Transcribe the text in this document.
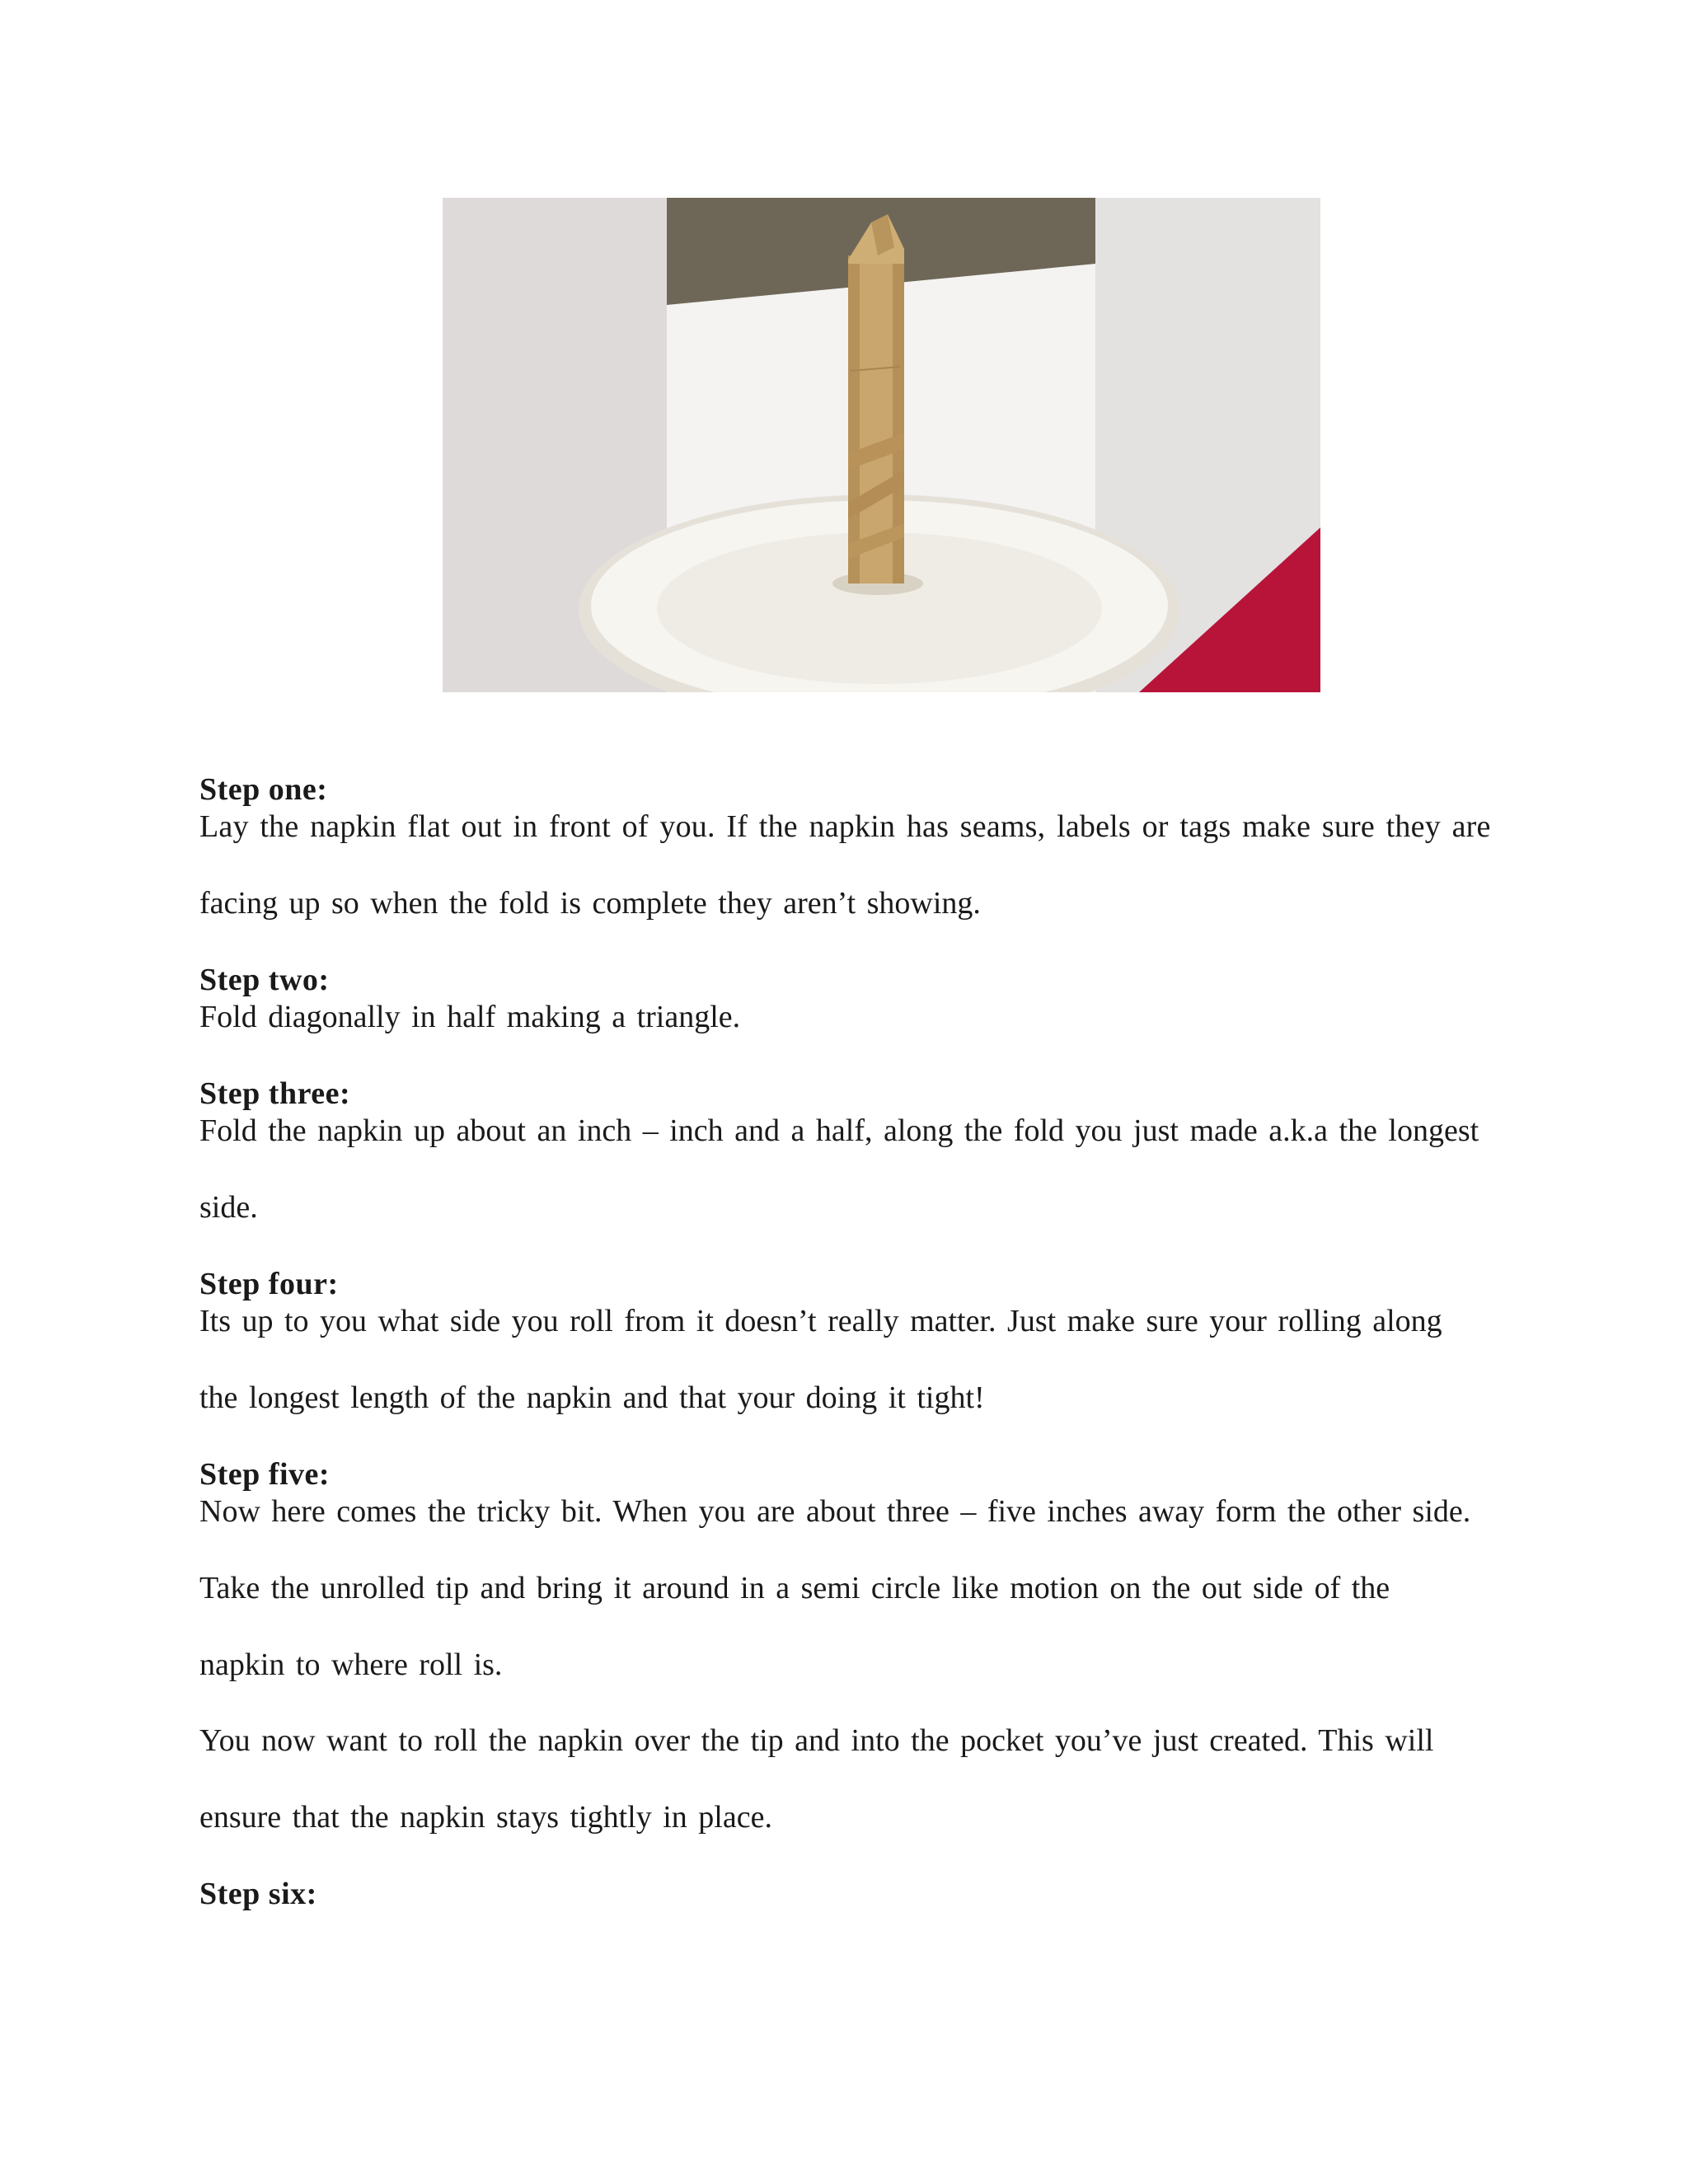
Step one:
Lay the napkin flat out in front of you. If the napkin has seams, labels or tags make sure they are
facing up so when the fold is complete they aren’t showing.
Step two:
Fold diagonally in half making a triangle.
Step three:
Fold the napkin up about an inch – inch and a half, along the fold you just made a.k.a the longest
side.
Step four:
Its up to you what side you roll from it doesn’t really matter. Just make sure your rolling along
the longest length of the napkin and that your doing it tight!
Step five:
Now here comes the tricky bit. When you are about three – five inches away form the other side.
Take the unrolled tip and bring it around in a semi circle like motion on the out side of the
napkin to where roll is.
You now want to roll the napkin over the tip and into the pocket you’ve just created. This will
ensure that the napkin stays tightly in place.
Step six:
